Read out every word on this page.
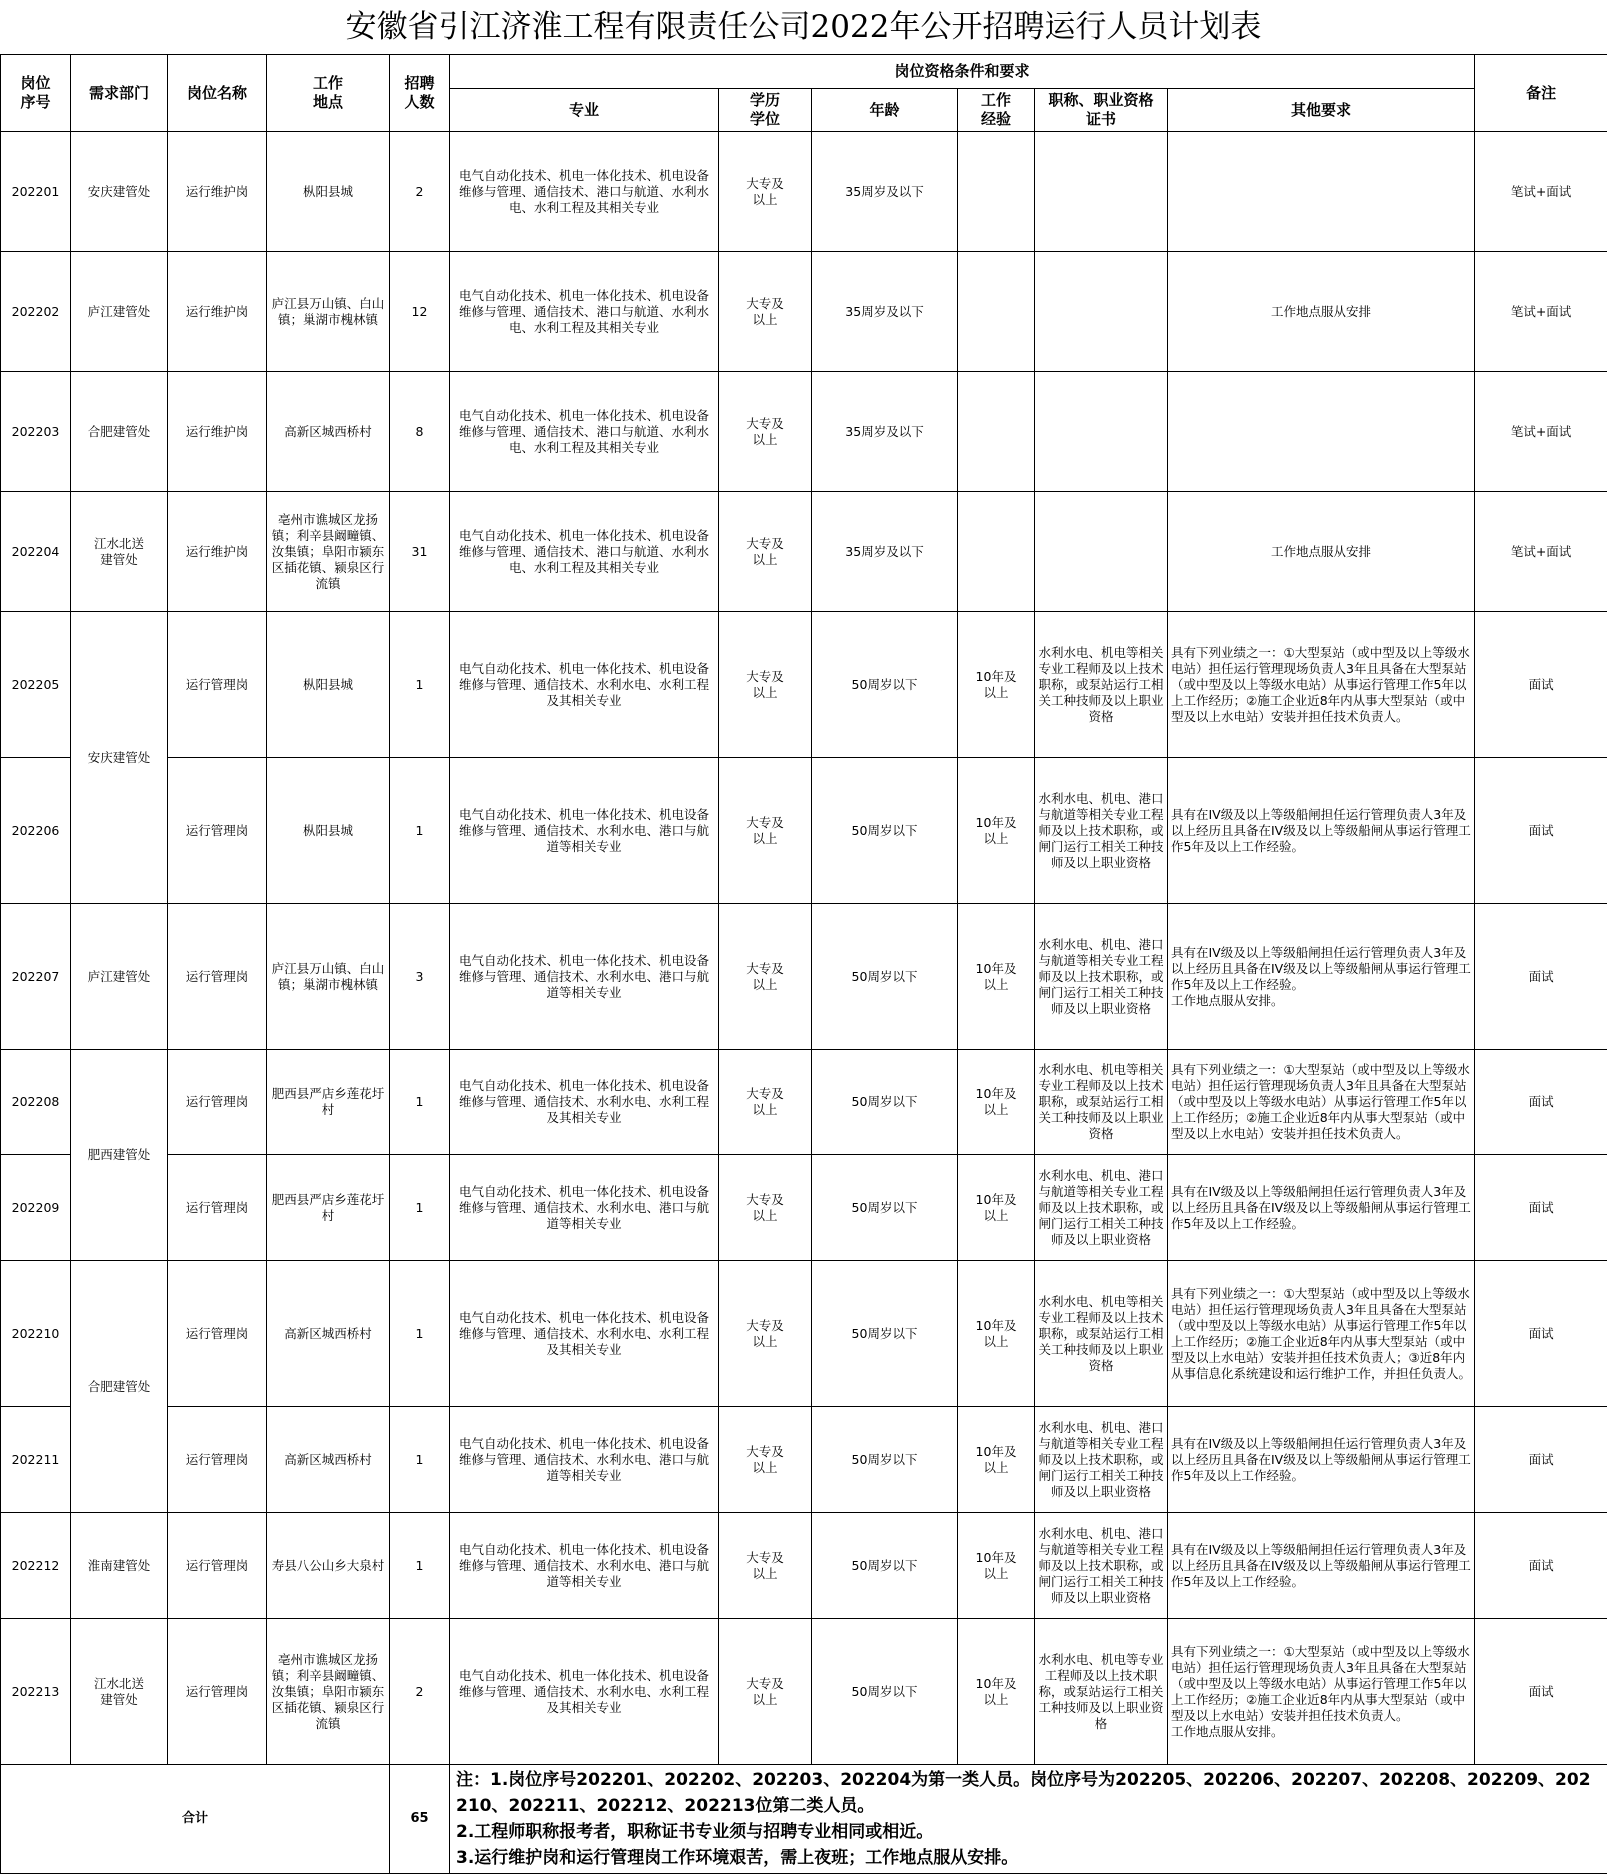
安徽省引江济淮工程有限责任公司2022年公开招聘运行人员计划表
岗位
序号	需求部门	岗位名称	工作
地点	招聘
人数	岗位资格条件和要求						备注
					专业	学历
学位	年龄	工作
经验	职称、职业资格
证书	其他要求	
202201	安庆建管处	运行维护岗	枞阳县城	2	电气自动化技术、机电一体化技术、机电设备维修与管理、通信技术、港口与航道、水利水电、水利工程及其相关专业	大专及
以上	35周岁及以下				笔试+面试
202202	庐江建管处	运行维护岗	庐江县万山镇、白山镇；巢湖市槐林镇	12	电气自动化技术、机电一体化技术、机电设备维修与管理、通信技术、港口与航道、水利水电、水利工程及其相关专业	大专及
以上	35周岁及以下			工作地点服从安排	笔试+面试
202203	合肥建管处	运行维护岗	高新区城西桥村	8	电气自动化技术、机电一体化技术、机电设备维修与管理、通信技术、港口与航道、水利水电、水利工程及其相关专业	大专及
以上	35周岁及以下				笔试+面试
202204	江水北送
建管处	运行维护岗	亳州市谯城区龙扬镇；利辛县阚疃镇、汝集镇；阜阳市颍东区插花镇、颍泉区行流镇	31	电气自动化技术、机电一体化技术、机电设备维修与管理、通信技术、港口与航道、水利水电、水利工程及其相关专业	大专及
以上	35周岁及以下			工作地点服从安排	笔试+面试
202205	安庆建管处	运行管理岗	枞阳县城	1	电气自动化技术、机电一体化技术、机电设备维修与管理、通信技术、水利水电、水利工程及其相关专业	大专及
以上	50周岁以下	10年及
以上	水利水电、机电等相关专业工程师及以上技术职称，或泵站运行工相关工种技师及以上职业资格	具有下列业绩之一：①大型泵站（或中型及以上等级水电站）担任运行管理现场负责人3年且具备在大型泵站（或中型及以上等级水电站）从事运行管理工作5年以上工作经历；②施工企业近8年内从事大型泵站（或中型及以上水电站）安装并担任技术负责人。	面试
202206		运行管理岗	枞阳县城	1	电气自动化技术、机电一体化技术、机电设备维修与管理、通信技术、水利水电、港口与航道等相关专业	大专及
以上	50周岁以下	10年及
以上	水利水电、机电、港口与航道等相关专业工程师及以上技术职称，或闸门运行工相关工种技师及以上职业资格	具有在IV级及以上等级船闸担任运行管理负责人3年及以上经历且具备在IV级及以上等级船闸从事运行管理工作5年及以上工作经验。	面试
202207	庐江建管处	运行管理岗	庐江县万山镇、白山镇；巢湖市槐林镇	3	电气自动化技术、机电一体化技术、机电设备维修与管理、通信技术、水利水电、港口与航道等相关专业	大专及
以上	50周岁以下	10年及
以上	水利水电、机电、港口与航道等相关专业工程师及以上技术职称，或闸门运行工相关工种技师及以上职业资格	具有在IV级及以上等级船闸担任运行管理负责人3年及以上经历且具备在IV级及以上等级船闸从事运行管理工作5年及以上工作经验。
工作地点服从安排。	面试
202208	肥西建管处	运行管理岗	肥西县严店乡莲花圩村	1	电气自动化技术、机电一体化技术、机电设备维修与管理、通信技术、水利水电、水利工程及其相关专业	大专及
以上	50周岁以下	10年及
以上	水利水电、机电等相关专业工程师及以上技术职称，或泵站运行工相关工种技师及以上职业资格	具有下列业绩之一：①大型泵站（或中型及以上等级水电站）担任运行管理现场负责人3年且具备在大型泵站（或中型及以上等级水电站）从事运行管理工作5年以上工作经历；②施工企业近8年内从事大型泵站（或中型及以上水电站）安装并担任技术负责人。	面试
202209		运行管理岗	肥西县严店乡莲花圩村	1	电气自动化技术、机电一体化技术、机电设备维修与管理、通信技术、水利水电、港口与航道等相关专业	大专及
以上	50周岁以下	10年及
以上	水利水电、机电、港口与航道等相关专业工程师及以上技术职称，或闸门运行工相关工种技师及以上职业资格	具有在IV级及以上等级船闸担任运行管理负责人3年及以上经历且具备在IV级及以上等级船闸从事运行管理工作5年及以上工作经验。	面试
202210	合肥建管处	运行管理岗	高新区城西桥村	1	电气自动化技术、机电一体化技术、机电设备维修与管理、通信技术、水利水电、水利工程及其相关专业	大专及
以上	50周岁以下	10年及
以上	水利水电、机电等相关专业工程师及以上技术职称，或泵站运行工相关工种技师及以上职业资格	具有下列业绩之一：①大型泵站（或中型及以上等级水电站）担任运行管理现场负责人3年且具备在大型泵站（或中型及以上等级水电站）从事运行管理工作5年以上工作经历；②施工企业近8年内从事大型泵站（或中型及以上水电站）安装并担任技术负责人；③近8年内从事信息化系统建设和运行维护工作，并担任负责人。	面试
202211		运行管理岗	高新区城西桥村	1	电气自动化技术、机电一体化技术、机电设备维修与管理、通信技术、水利水电、港口与航道等相关专业	大专及
以上	50周岁以下	10年及
以上	水利水电、机电、港口与航道等相关专业工程师及以上技术职称，或闸门运行工相关工种技师及以上职业资格	具有在IV级及以上等级船闸担任运行管理负责人3年及以上经历且具备在IV级及以上等级船闸从事运行管理工作5年及以上工作经验。	面试
202212	淮南建管处	运行管理岗	寿县八公山乡大泉村	1	电气自动化技术、机电一体化技术、机电设备维修与管理、通信技术、水利水电、港口与航道等相关专业	大专及
以上	50周岁以下	10年及
以上	水利水电、机电、港口与航道等相关专业工程师及以上技术职称，或闸门运行工相关工种技师及以上职业资格	具有在IV级及以上等级船闸担任运行管理负责人3年及以上经历且具备在IV级及以上等级船闸从事运行管理工作5年及以上工作经验。	面试
202213	江水北送
建管处	运行管理岗	亳州市谯城区龙扬镇；利辛县阚疃镇、汝集镇；阜阳市颍东区插花镇、颍泉区行流镇	2	电气自动化技术、机电一体化技术、机电设备维修与管理、通信技术、水利水电、水利工程及其相关专业	大专及
以上	50周岁以下	10年及
以上	水利水电、机电等专业工程师及以上技术职称，或泵站运行工相关工种技师及以上职业资格	具有下列业绩之一：①大型泵站（或中型及以上等级水电站）担任运行管理现场负责人3年且具备在大型泵站（或中型及以上等级水电站）从事运行管理工作5年以上工作经历；②施工企业近8年内从事大型泵站（或中型及以上水电站）安装并担任技术负责人。
工作地点服从安排。	面试
合计				65	注：1.岗位序号202201、202202、202203、202204为第一类人员。岗位序号为202205、202206、202207、202208、202209、202210、202211、202212、202213位第二类人员。
2.工程师职称报考者，职称证书专业须与招聘专业相同或相近。
3.运行维护岗和运行管理岗工作环境艰苦，需上夜班；工作地点服从安排。						
